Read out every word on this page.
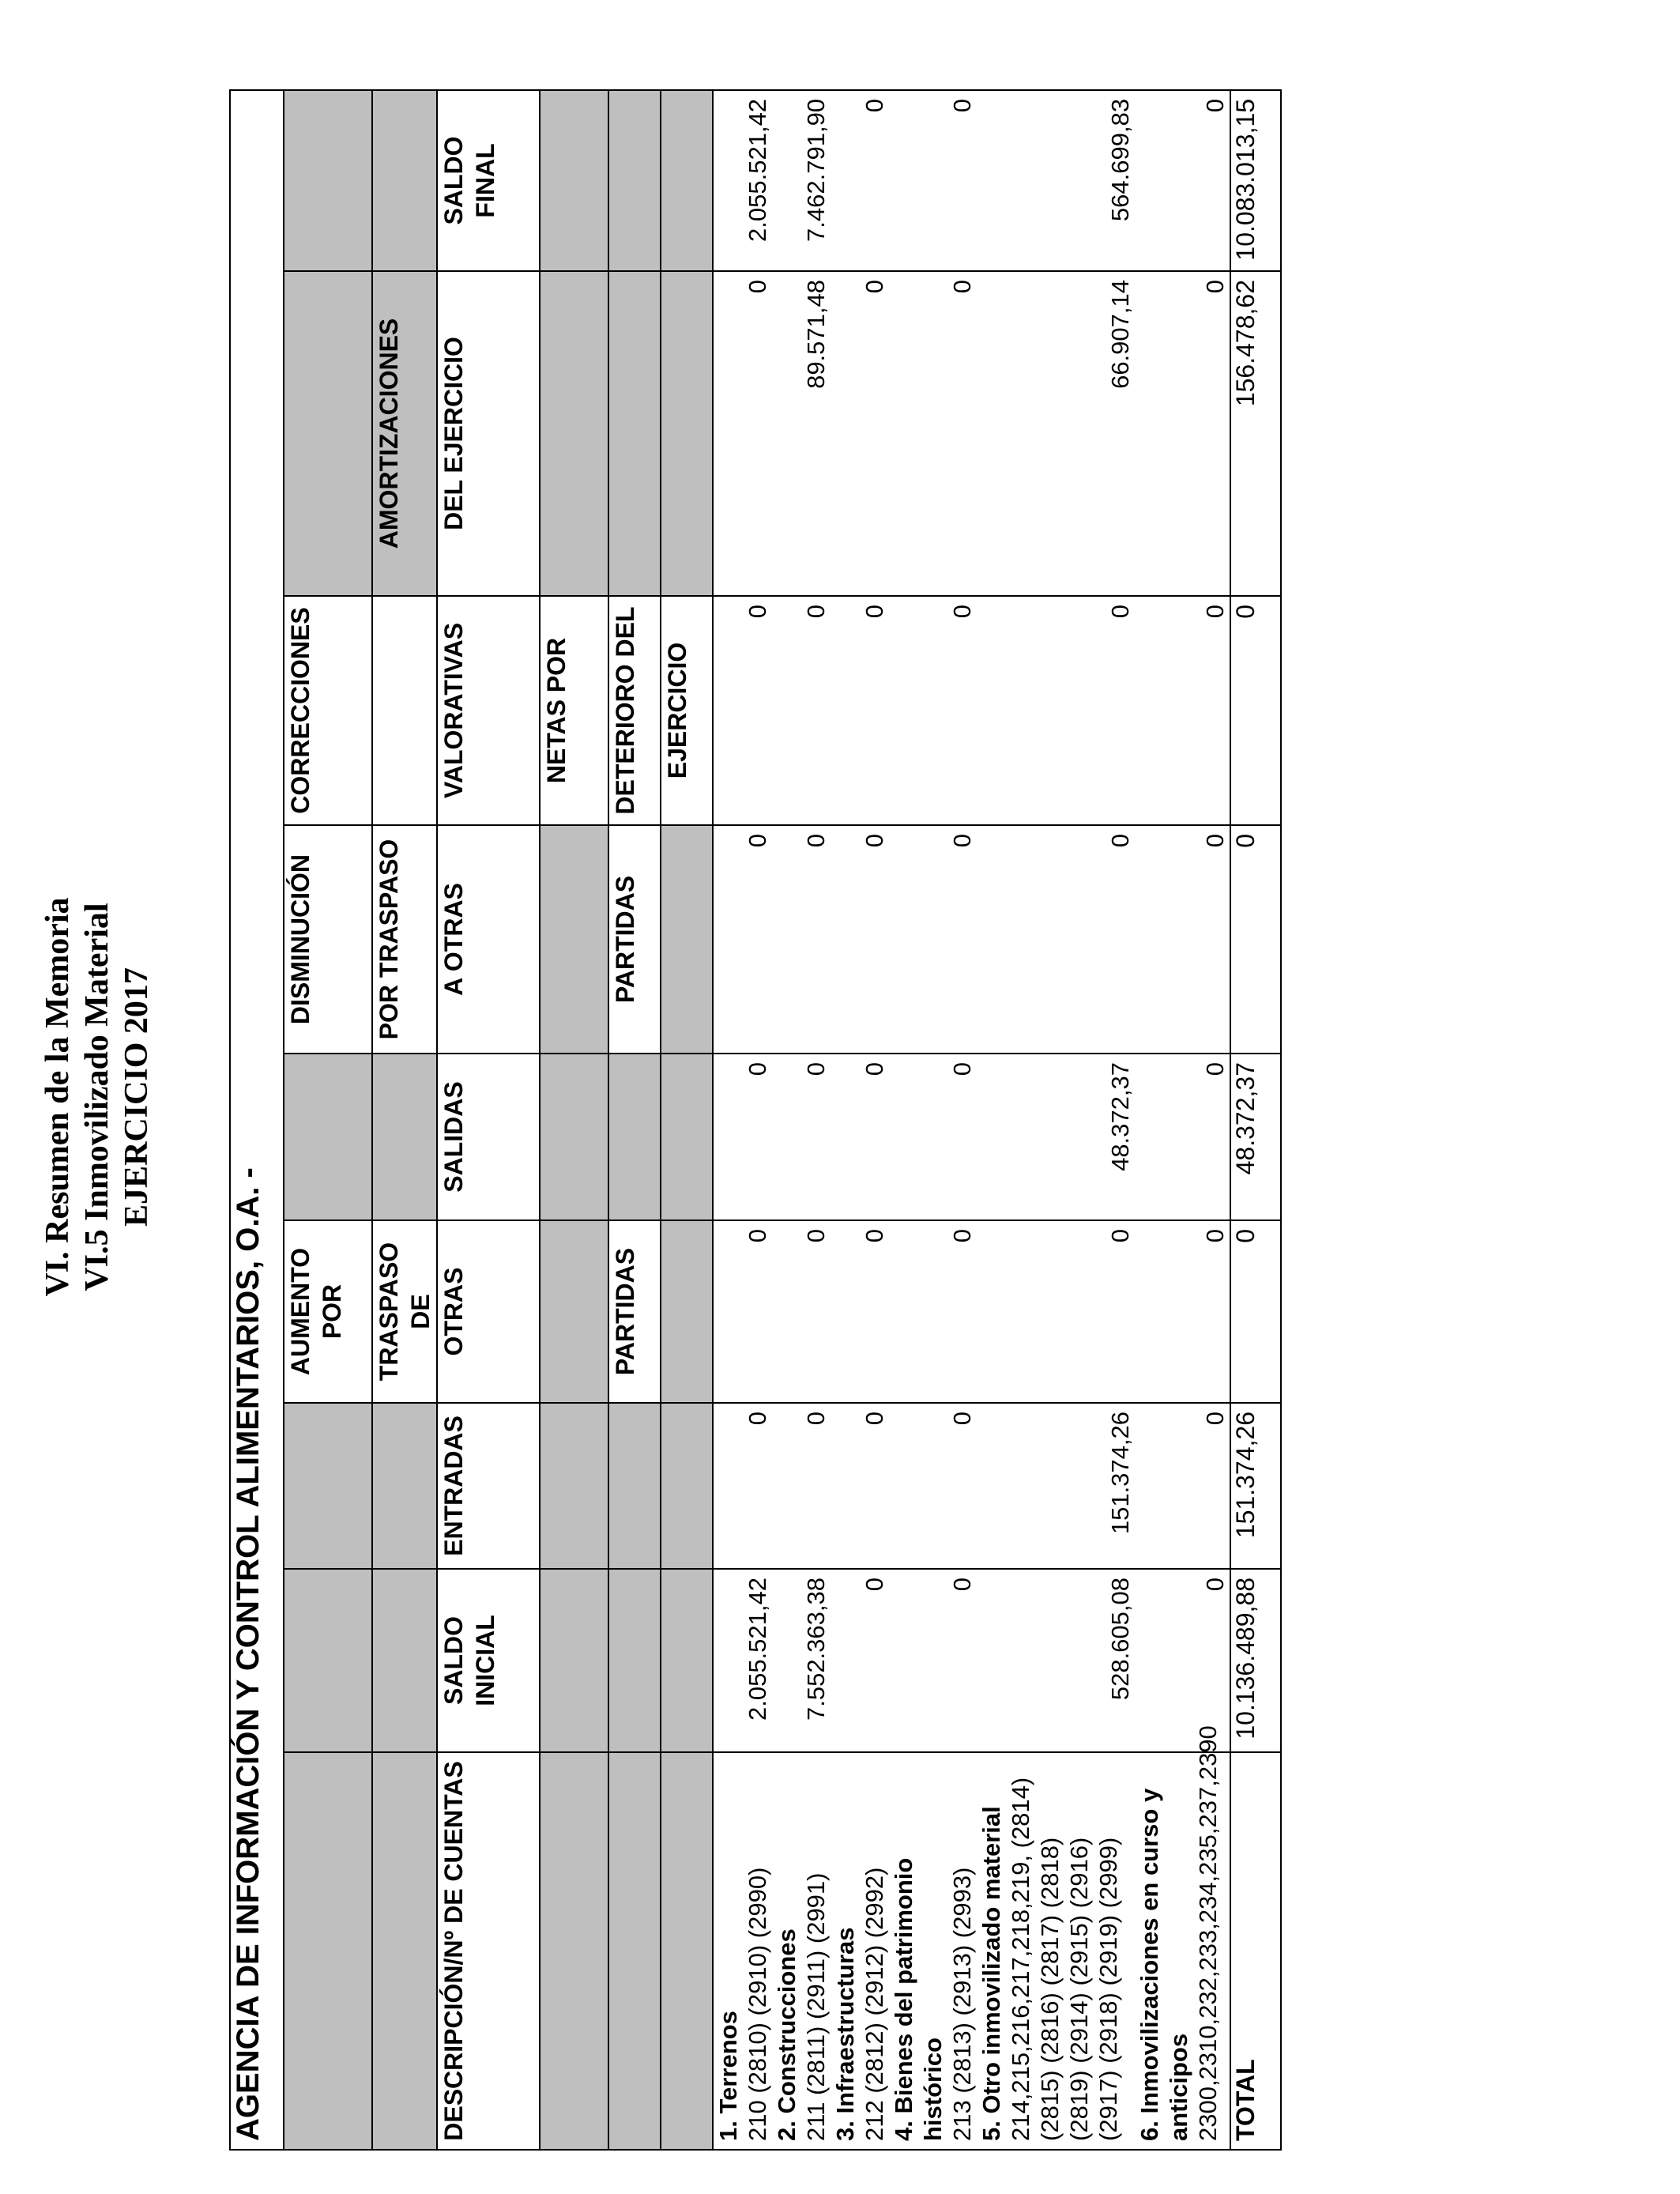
VI. Resumen de la Memoria VI.5 Inmovilizado Material EJERCICIO 2017
AGENCIA DE INFORMACIÓN Y CONTROL ALIMENTARIOS, O.A. -								
			AUMENTO POR		DISMINUCIÓN	CORRECCIONES		
			TRASPASO DE		POR TRASPASO		AMORTIZACIONES	
DESCRIPCIÓN/Nº DE CUENTAS	SALDO INICIAL	ENTRADAS	OTRAS	SALIDAS	A OTRAS	VALORATIVAS	DEL EJERCICIO	SALDO FINAL
						NETAS POR		
			PARTIDAS		PARTIDAS	DETERIORO DEL		
						EJERCICIO		

1. Terrenos 210 (2810) (2910) (2990)	2.055.521,42	0	0	0	0	0	0	2.055.521,42

2. Construcciones 211 (2811) (2911) (2991)	7.552.363,38	0	0	0	0	0	89.571,48	7.462.791,90

3. Infraestructuras 212 (2812) (2912) (2992)	0	0	0	0	0	0	0	0

4. Bienes del patrimonio histórico 213 (2813) (2913) (2993)	0	0	0	0	0	0	0	0

5. Otro inmovilizado material 214,215,216,217,218,219, (2814) (2815) (2816) (2817) (2818) (2819) (2914) (2915) (2916) (2917) (2918) (2919) (2999)	528.605,08	151.374,26	0	48.372,37	0	0	66.907,14	564.699,83

6. Inmovilizaciones en curso y anticipos 2300,2310,232,233,234,235,237,2390	0	0	0	0	0	0	0	0
TOTAL	10.136.489,88	151.374,26	0	48.372,37	0	0	156.478,62	10.083.013,15
